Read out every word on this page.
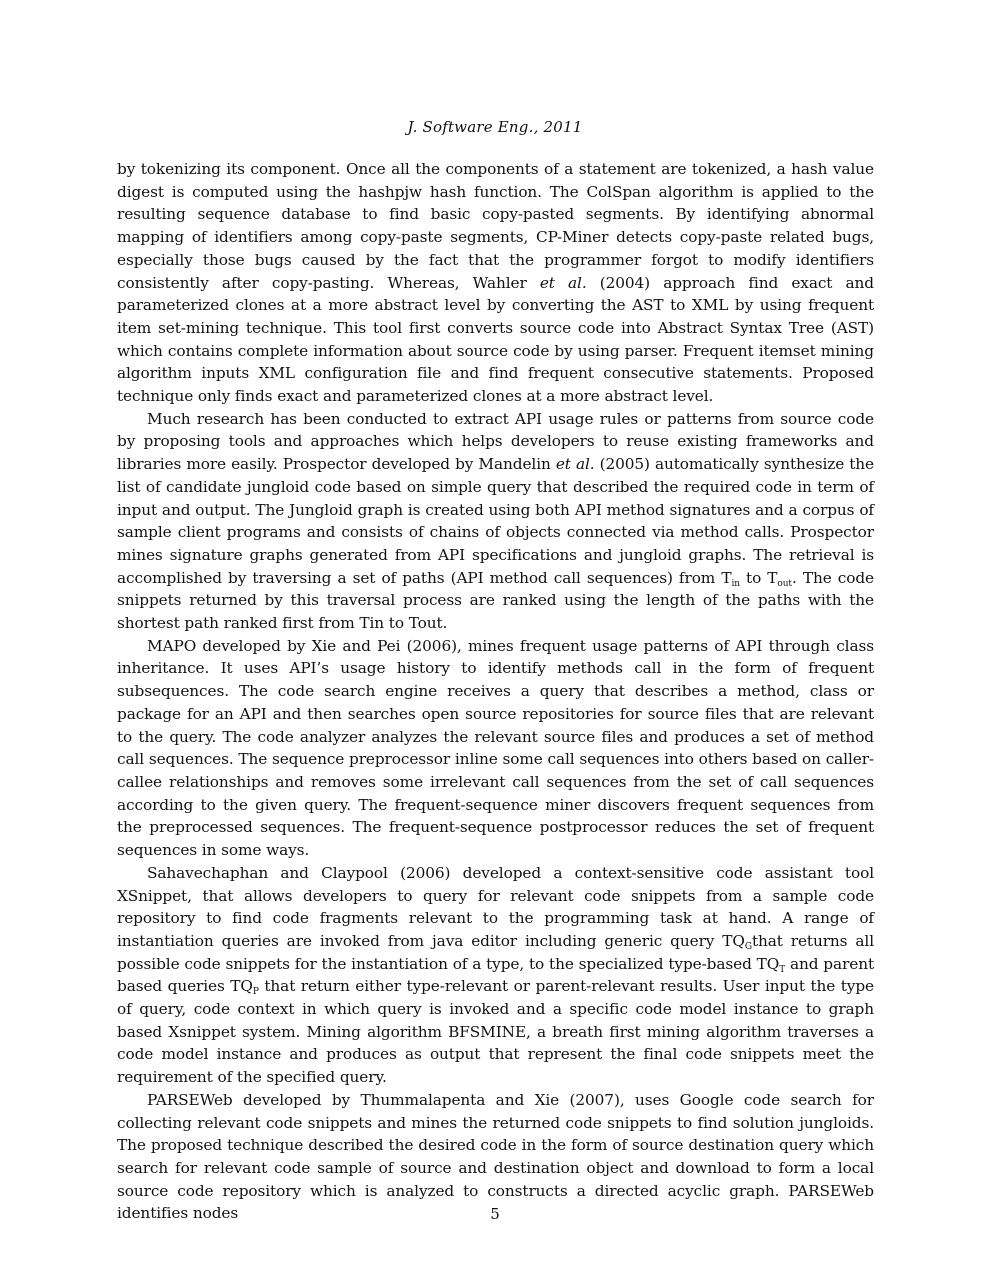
J. Software Eng., 2011

by tokenizing its component. Once all the components of a statement are tokenized, a hash value digest is computed using the hashpjw hash function. The ColSpan algorithm is applied to the resulting sequence database to find basic copy-pasted segments. By identifying abnormal mapping of identifiers among copy-paste segments, CP-Miner detects copy-paste related bugs, especially those bugs caused by the fact that the programmer forgot to modify identifiers consistently after copy-pasting. Whereas, Wahler et al. (2004) approach find exact and parameterized clones at a more abstract level by converting the AST to XML by using frequent item set-mining technique. This tool first converts source code into Abstract Syntax Tree (AST) which contains complete information about source code by using parser. Frequent itemset mining algorithm inputs XML configuration file and find frequent consecutive statements. Proposed technique only finds exact and parameterized clones at a more abstract level.

Much research has been conducted to extract API usage rules or patterns from source code by proposing tools and approaches which helps developers to reuse existing frameworks and libraries more easily. Prospector developed by Mandelin et al. (2005) automatically synthesize the list of candidate jungloid code based on simple query that described the required code in term of input and output. The Jungloid graph is created using both API method signatures and a corpus of sample client programs and consists of chains of objects connected via method calls. Prospector mines signature graphs generated from API specifications and jungloid graphs. The retrieval is accomplished by traversing a set of paths (API method call sequences) from $T_{in}$ to $T_{out}$. The code snippets returned by this traversal process are ranked using the length of the paths with the shortest path ranked first from Tin to Tout.

MAPO developed by Xie and Pei (2006), mines frequent usage patterns of API through class inheritance. It uses API’s usage history to identify methods call in the form of frequent subsequences. The code search engine receives a query that describes a method, class or package for an API and then searches open source repositories for source files that are relevant to the query. The code analyzer analyzes the relevant source files and produces a set of method call sequences. The sequence preprocessor inline some call sequences into others based on caller-callee relationships and removes some irrelevant call sequences from the set of call sequences according to the given query. The frequent-sequence miner discovers frequent sequences from the preprocessed sequences. The frequent-sequence postprocessor reduces the set of frequent sequences in some ways.

Sahavechaphan and Claypool (2006) developed a context-sensitive code assistant tool XSnippet, that allows developers to query for relevant code snippets from a sample code repository to find code fragments relevant to the programming task at hand. A range of instantiation queries are invoked from java editor including generic query $TQ_Gthat$ returns all possible code snippets for the instantiation of a type, to the specialized type-based $TQ_T$ and parent based queries $TQ_P$ that return either type-relevant or parent-relevant results. User input the type of query, code context in which query is invoked and a specific code model instance to graph based Xsnippet system. Mining algorithm BFSMINE, a breath first mining algorithm traverses a code model instance and produces as output that represent the final code snippets meet the requirement of the specified query.

PARSEWeb developed by Thummalapenta and Xie (2007), uses Google code search for collecting relevant code snippets and mines the returned code snippets to find solution jungloids. The proposed technique described the desired code in the form of source destination query which search for relevant code sample of source and destination object and download to form a local source code repository which is analyzed to constructs a directed acyclic graph. PARSEWeb identifies nodes	5
